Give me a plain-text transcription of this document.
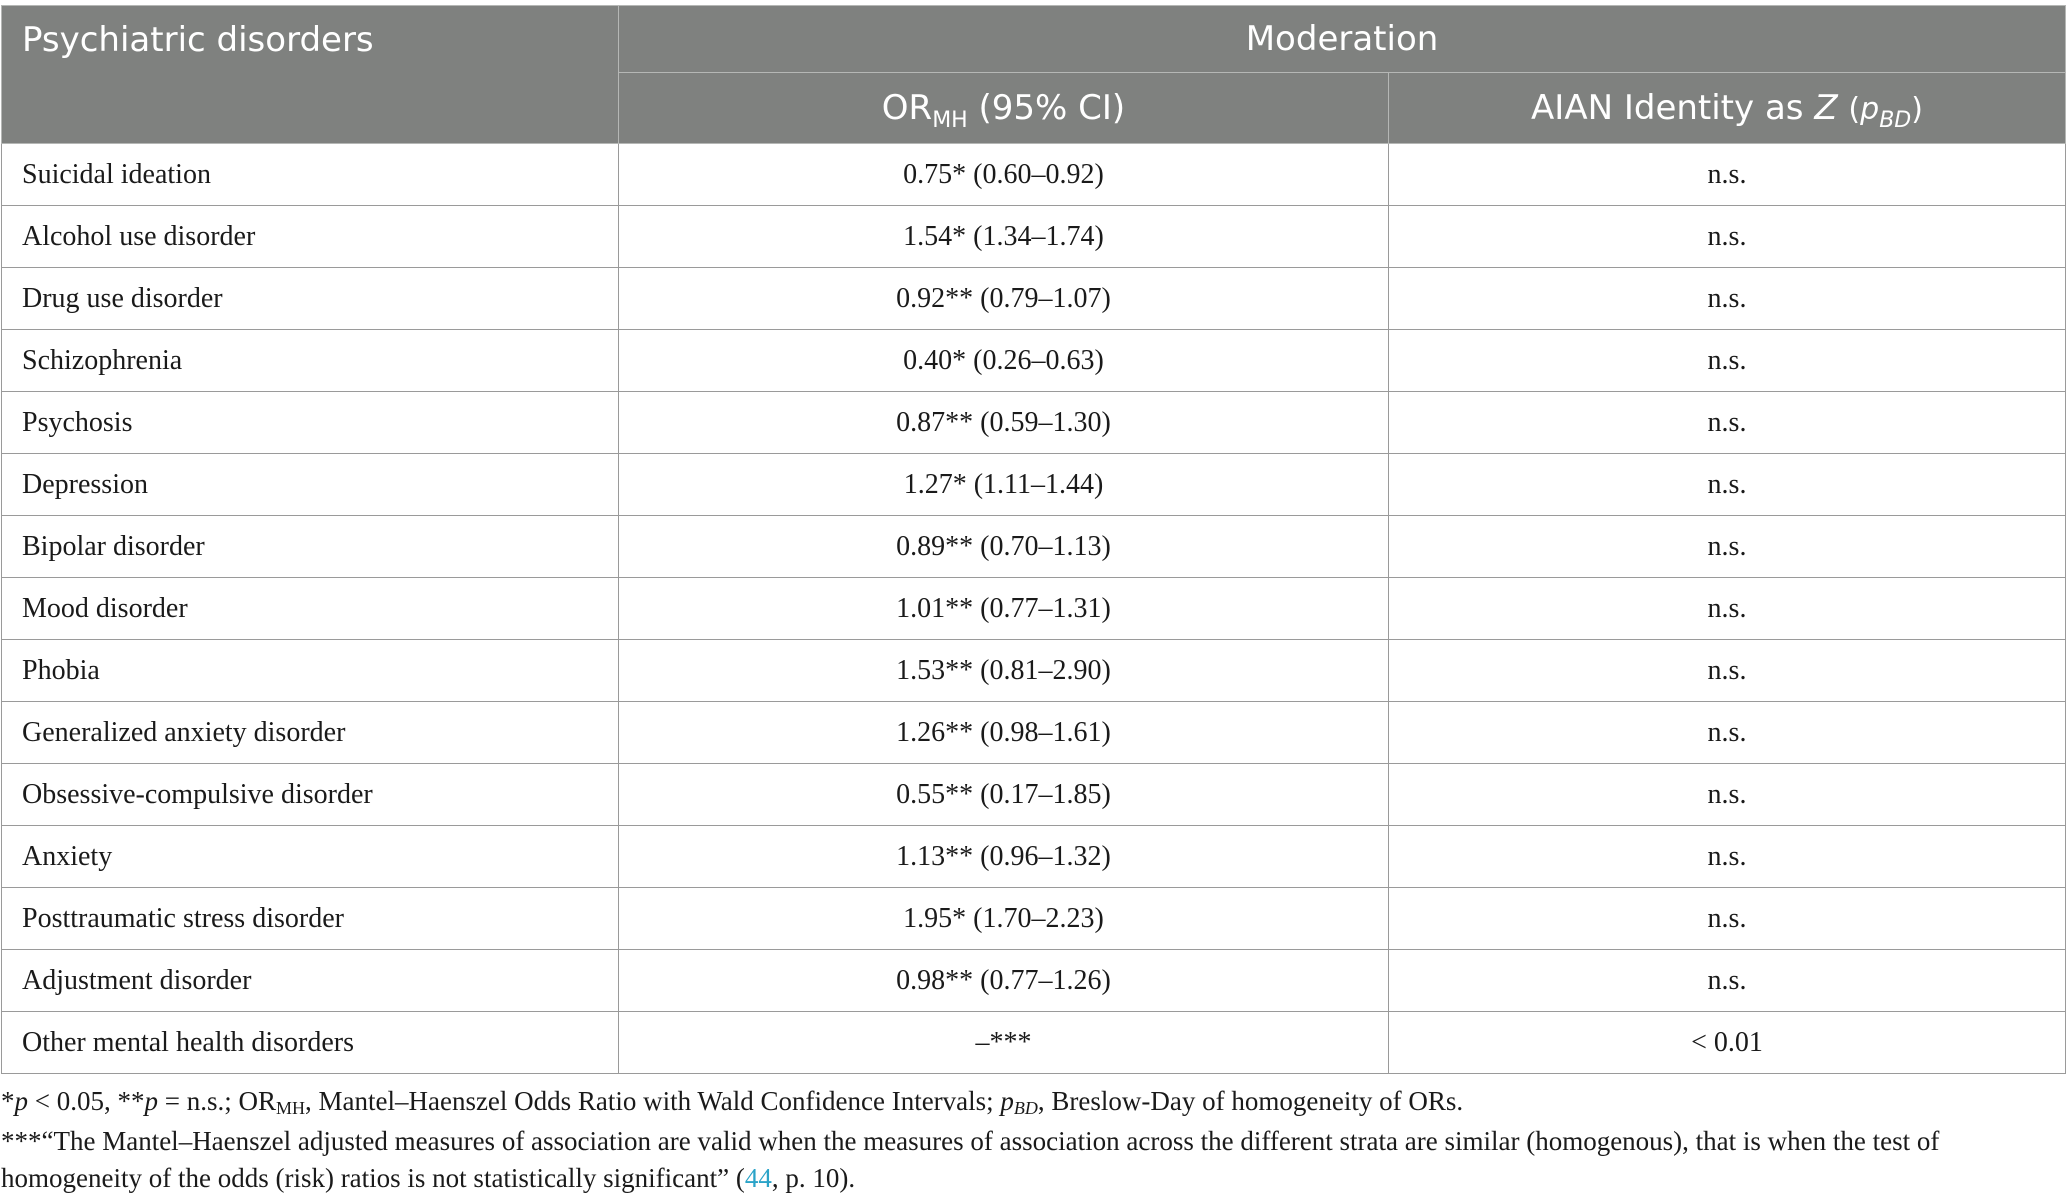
Psychiatric disorders	Moderation	
	$OR_{MH}$ (95% CI)	AIAN Identity as Z $(p_{BD})$
Suicidal ideation	0.75* (0.60–0.92)	n.s.
Alcohol use disorder	1.54* (1.34–1.74)	n.s.
Drug use disorder	0.92** (0.79–1.07)	n.s.
Schizophrenia	0.40* (0.26–0.63)	n.s.
Psychosis	0.87** (0.59–1.30)	n.s.
Depression	1.27* (1.11–1.44)	n.s.
Bipolar disorder	0.89** (0.70–1.13)	n.s.
Mood disorder	1.01** (0.77–1.31)	n.s.
Phobia	1.53** (0.81–2.90)	n.s.
Generalized anxiety disorder	1.26** (0.98–1.61)	n.s.
Obsessive-compulsive disorder	0.55** (0.17–1.85)	n.s.
Anxiety	1.13** (0.96–1.32)	n.s.
Posttraumatic stress disorder	1.95* (1.70–2.23)	n.s.
Adjustment disorder	0.98** (0.77–1.26)	n.s.
Other mental health disorders	–***	< 0.01

*p < 0.05, **p = n.s.; ORMH, Mantel–Haenszel Odds Ratio with Wald Confidence Intervals; pBD, Breslow-Day of homogeneity of ORs.

***“The Mantel–Haenszel adjusted measures of association are valid when the measures of association across the different strata are similar (homogenous), that is when the test of

homogeneity of the odds (risk) ratios is not statistically significant” (44, p. 10).
